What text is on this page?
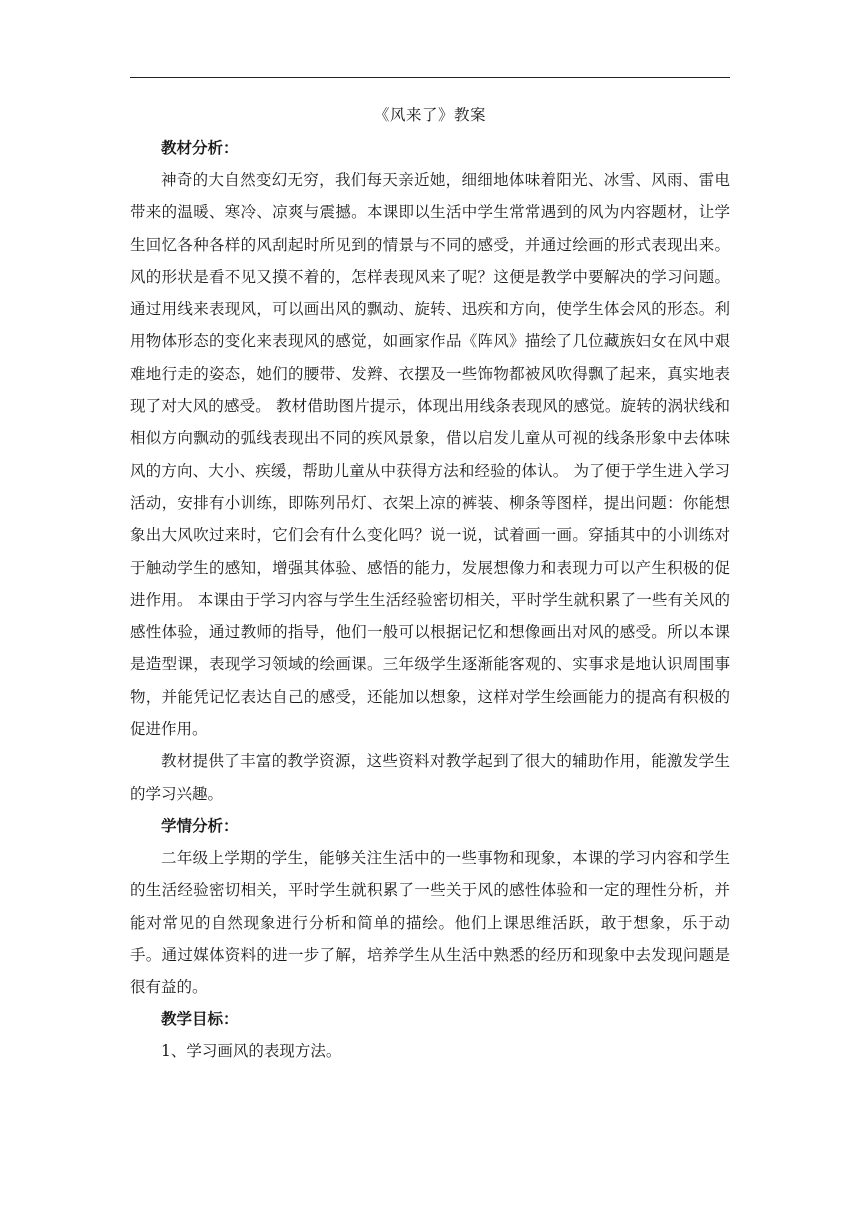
《风来了》教案

教材分析：

神奇的大自然变幻无穷，我们每天亲近她，细细地体味着阳光、冰雪、风雨、雷电带来的温暖、寒冷、凉爽与震撼。本课即以生活中学生常常遇到的风为内容题材，让学生回忆各种各样的风刮起时所见到的情景与不同的感受，并通过绘画的形式表现出来。 风的形状是看不见又摸不着的，怎样表现风来了呢？这便是教学中要解决的学习问题。通过用线来表现风，可以画出风的飘动、旋转、迅疾和方向，使学生体会风的形态。利用物体形态的变化来表现风的感觉，如画家作品《阵风》描绘了几位藏族妇女在风中艰难地行走的姿态，她们的腰带、发辫、衣摆及一些饰物都被风吹得飘了起来，真实地表现了对大风的感受。 教材借助图片提示，体现出用线条表现风的感觉。旋转的涡状线和相似方向飘动的弧线表现出不同的疾风景象，借以启发儿童从可视的线条形象中去体味风的方向、大小、疾缓，帮助儿童从中获得方法和经验的体认。 为了便于学生进入学习活动，安排有小训练，即陈列吊灯、衣架上凉的裤装、柳条等图样，提出问题：你能想象出大风吹过来时，它们会有什么变化吗？说一说，试着画一画。穿插其中的小训练对于触动学生的感知，增强其体验、感悟的能力，发展想像力和表现力可以产生积极的促进作用。 本课由于学习内容与学生生活经验密切相关，平时学生就积累了一些有关风的感性体验，通过教师的指导，他们一般可以根据记忆和想像画出对风的感受。所以本课是造型课，表现学习领域的绘画课。三年级学生逐渐能客观的、实事求是地认识周围事物，并能凭记忆表达自己的感受，还能加以想象，这样对学生绘画能力的提高有积极的促进作用。

教材提供了丰富的教学资源，这些资料对教学起到了很大的辅助作用，能激发学生的学习兴趣。

学情分析：

二年级上学期的学生，能够关注生活中的一些事物和现象，本课的学习内容和学生的生活经验密切相关，平时学生就积累了一些关于风的感性体验和一定的理性分析，并能对常见的自然现象进行分析和简单的描绘。他们上课思维活跃，敢于想象，乐于动手。通过媒体资料的进一步了解，培养学生从生活中熟悉的经历和现象中去发现问题是很有益的。

教学目标：

1、学习画风的表现方法。
